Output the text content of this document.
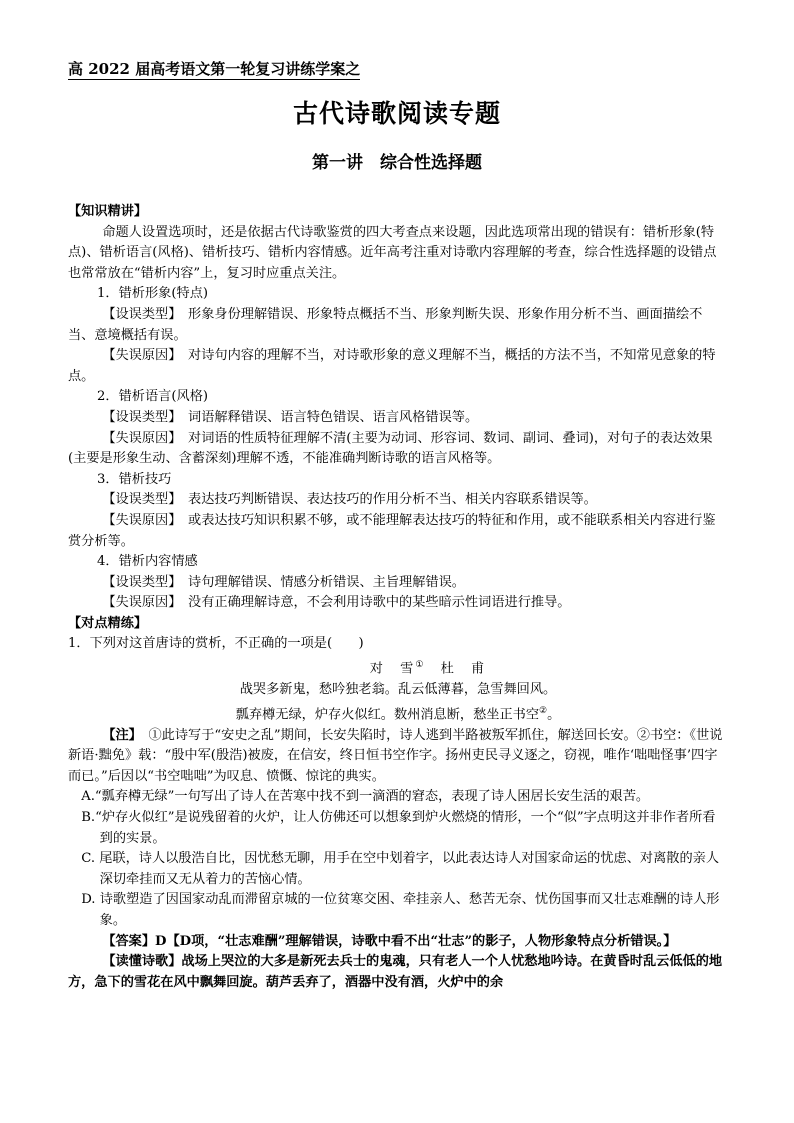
高 2022 届高考语文第一轮复习讲练学案之
古代诗歌阅读专题
第一讲　综合性选择题

【知识精讲】

命题人设置选项时，还是依据古代诗歌鉴赏的四大考查点来设题，因此选项常出现的错误有：错析形象(特点)、错析语言(风格)、错析技巧、错析内容情感。近年高考注重对诗歌内容理解的考查，综合性选择题的设错点也常常放在“错析内容”上，复习时应重点关注。

1．错析形象(特点)

【设误类型】　形象身份理解错误、形象特点概括不当、形象判断失误、形象作用分析不当、画面描绘不当、意境概括有误。

【失误原因】　对诗句内容的理解不当，对诗歌形象的意义理解不当，概括的方法不当，不知常见意象的特点。

2．错析语言(风格)

【设误类型】　词语解释错误、语言特色错误、语言风格错误等。

【失误原因】　对词语的性质特征理解不清(主要为动词、形容词、数词、副词、叠词)，对句子的表达效果(主要是形象生动、含蓄深刻)理解不透，不能准确判断诗歌的语言风格等。

3．错析技巧

【设误类型】　表达技巧判断错误、表达技巧的作用分析不当、相关内容联系错误等。

【失误原因】　或表达技巧知识积累不够，或不能理解表达技巧的特征和作用，或不能联系相关内容进行鉴赏分析等。

4．错析内容情感

【设误类型】　诗句理解错误、情感分析错误、主旨理解错误。

【失误原因】　没有正确理解诗意，不会利用诗歌中的某些暗示性词语进行推导。

【对点精练】

1．下列对这首唐诗的赏析，不正确的一项是(　　)

对　雪①　杜　甫

战哭多新鬼，愁吟独老翁。乱云低薄暮，急雪舞回风。

瓢弃樽无绿，炉存火似红。数州消息断，愁坐正书空②。

【注】　 ①此诗写于“安史之乱”期间，长安失陷时，诗人逃到半路被叛军抓住，解送回长安。②书空：《世说新语·黜免》载：“殷中军(殷浩)被废，在信安，终日恒书空作字。扬州吏民寻义逐之，窃视，唯作‘咄咄怪事’四字而已。”后因以“书空咄咄”为叹息、愤慨、惊诧的典实。

A.“瓢弃樽无绿”一句写出了诗人在苦寒中找不到一滴酒的窘态，表现了诗人困居长安生活的艰苦。

B.“炉存火似红”是说残留着的火炉，让人仿佛还可以想象到炉火燃烧的情形，一个“似”字点明这并非作者所看到的实景。

C. 尾联，诗人以殷浩自比，因忧愁无聊，用手在空中划着字，以此表达诗人对国家命运的忧虑、对离散的亲人深切牵挂而又无从着力的苦恼心情。

D. 诗歌塑造了因国家动乱而滞留京城的一位贫寒交困、牵挂亲人、愁苦无奈、忧伤国事而又壮志难酬的诗人形象。

【答案】D【D项，“壮志难酬”理解错误，诗歌中看不出“壮志”的影子，人物形象特点分析错误。】

【读懂诗歌】战场上哭泣的大多是新死去兵士的鬼魂，只有老人一个人忧愁地吟诗。在黄昏时乱云低低的地方，急下的雪花在风中飘舞回旋。葫芦丢弃了，酒器中没有酒，火炉中的余
